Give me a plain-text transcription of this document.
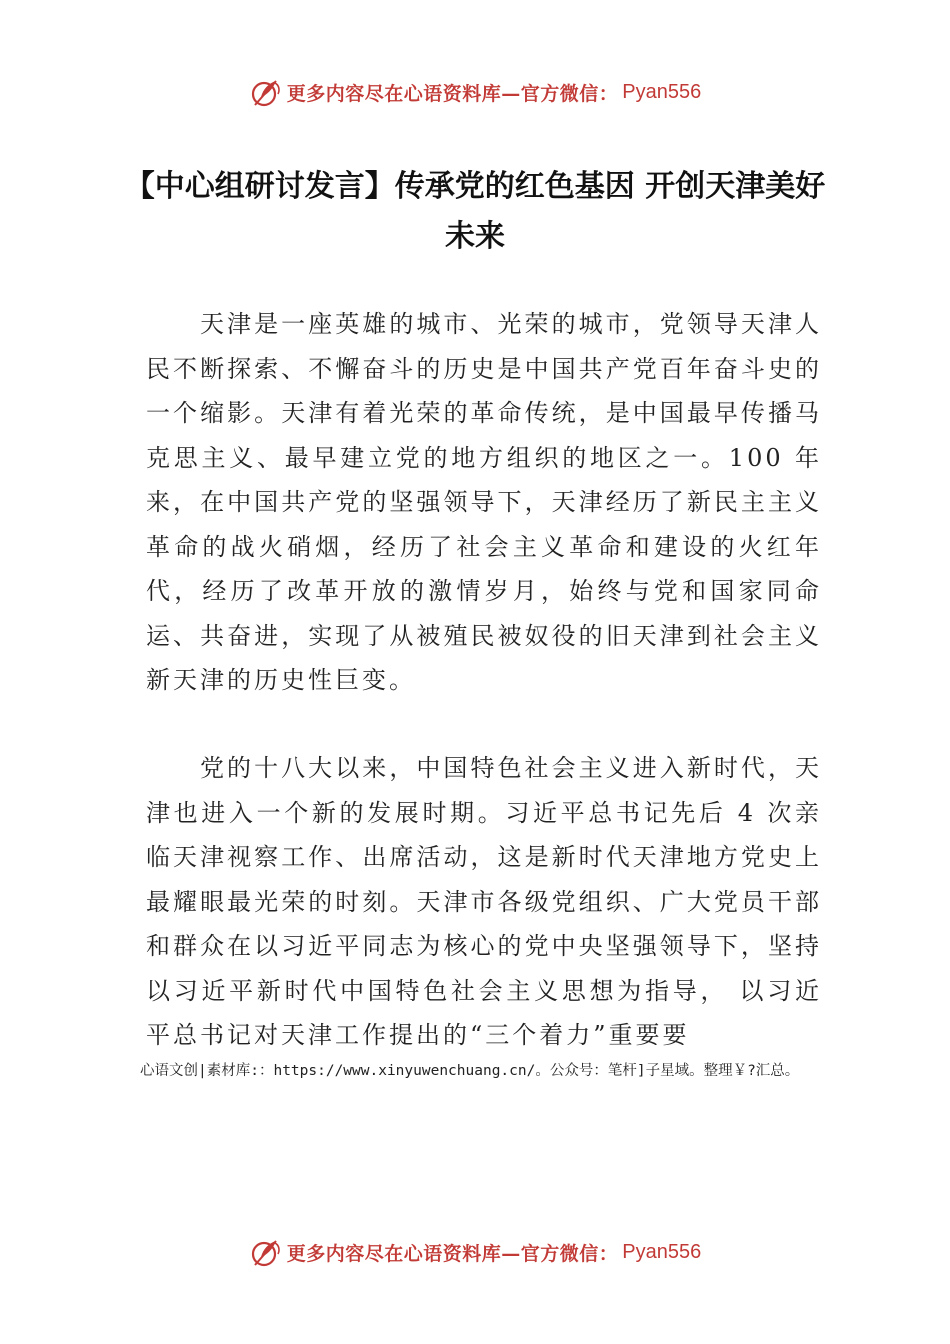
更多内容尽在心语资料库—官方微信： Pyan556
【中心组研讨发言】传承党的红色基因 开创天津美好未来

天津是一座英雄的城市、光荣的城市，党领导天津人民不断探索、不懈奋斗的历史是中国共产党百年奋斗史的一个缩影。天津有着光荣的革命传统，是中国最早传播马克思主义、最早建立党的地方组织的地区之一。100 年来，在中国共产党的坚强领导下，天津经历了新民主主义革命的战火硝烟，经历了社会主义革命和建设的火红年代，经历了改革开放的激情岁月，始终与党和国家同命运、共奋进，实现了从被殖民被奴役的旧天津到社会主义新天津的历史性巨变。

党的十八大以来，中国特色社会主义进入新时代，天津也进入一个新的发展时期。习近平总书记先后 4 次亲临天津视察工作、出席活动，这是新时代天津地方党史上最耀眼最光荣的时刻。天津市各级党组织、广大党员干部和群众在以习近平同志为核心的党中央坚强领导下，坚持以习近平新时代中国特色社会主义思想为指导， 以习近平总书记对天津工作提出的“三个着力”重要要

心语文创|素材库:：https://www.xinyuwenchuang.cn/。公众号：笔杆]子星域。整理￥?汇总。

更多内容尽在心语资料库—官方微信： Pyan556
